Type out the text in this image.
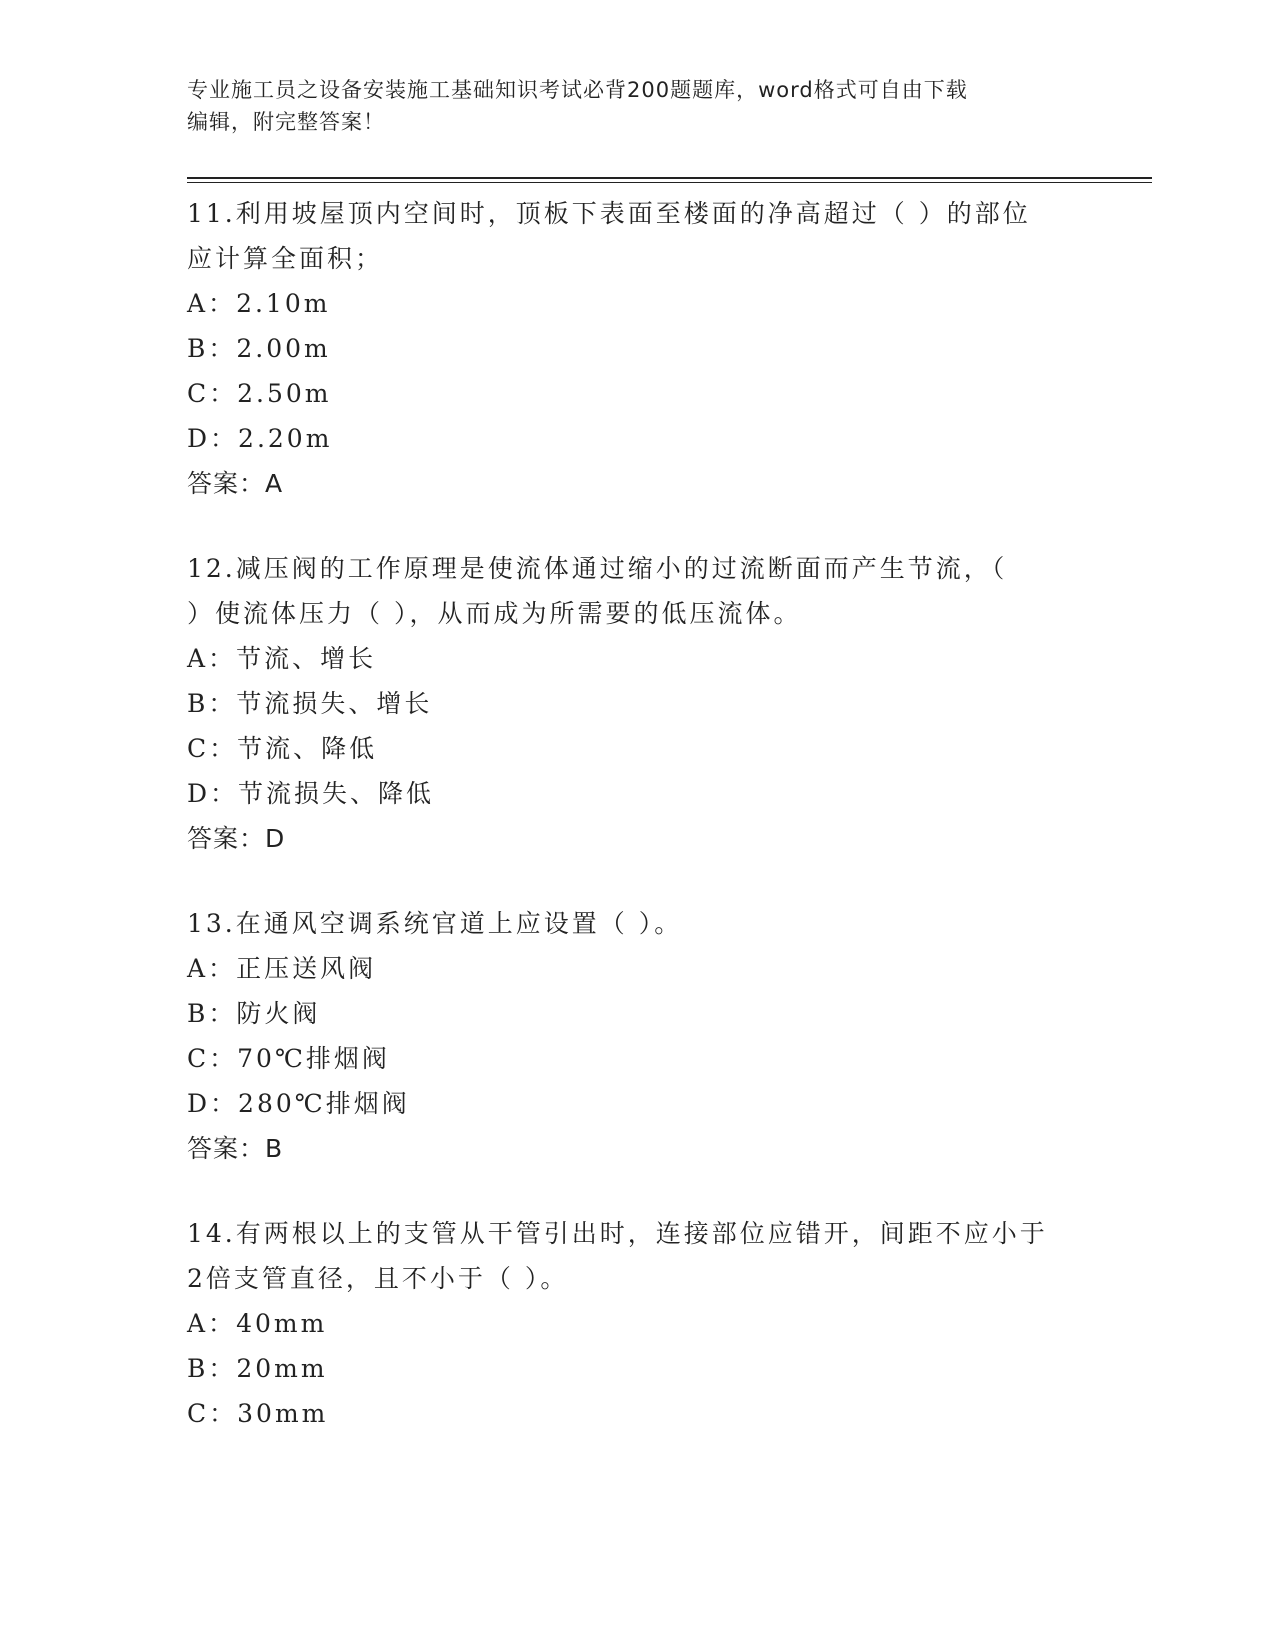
专业施工员之设备安装施工基础知识考试必背200题题库，word格式可自由下载
编辑，附完整答案！
11.利用坡屋顶内空间时，顶板下表面至楼面的净高超过（ ）的部位
应计算全面积；
A：2.10m
B：2.00m
C：2.50m
D：2.20m
答案：A
12.减压阀的工作原理是使流体通过缩小的过流断面而产生节流，（
）使流体压力（ ），从而成为所需要的低压流体。
A：节流、增长
B：节流损失、增长
C：节流、降低
D：节流损失、降低
答案：D
13.在通风空调系统官道上应设置（ ）。
A：正压送风阀
B：防火阀
C：70℃排烟阀
D：280℃排烟阀
答案：B
14.有两根以上的支管从干管引出时，连接部位应错开，间距不应小于
2倍支管直径，且不小于（ ）。
A：40mm
B：20mm
C：30mm
